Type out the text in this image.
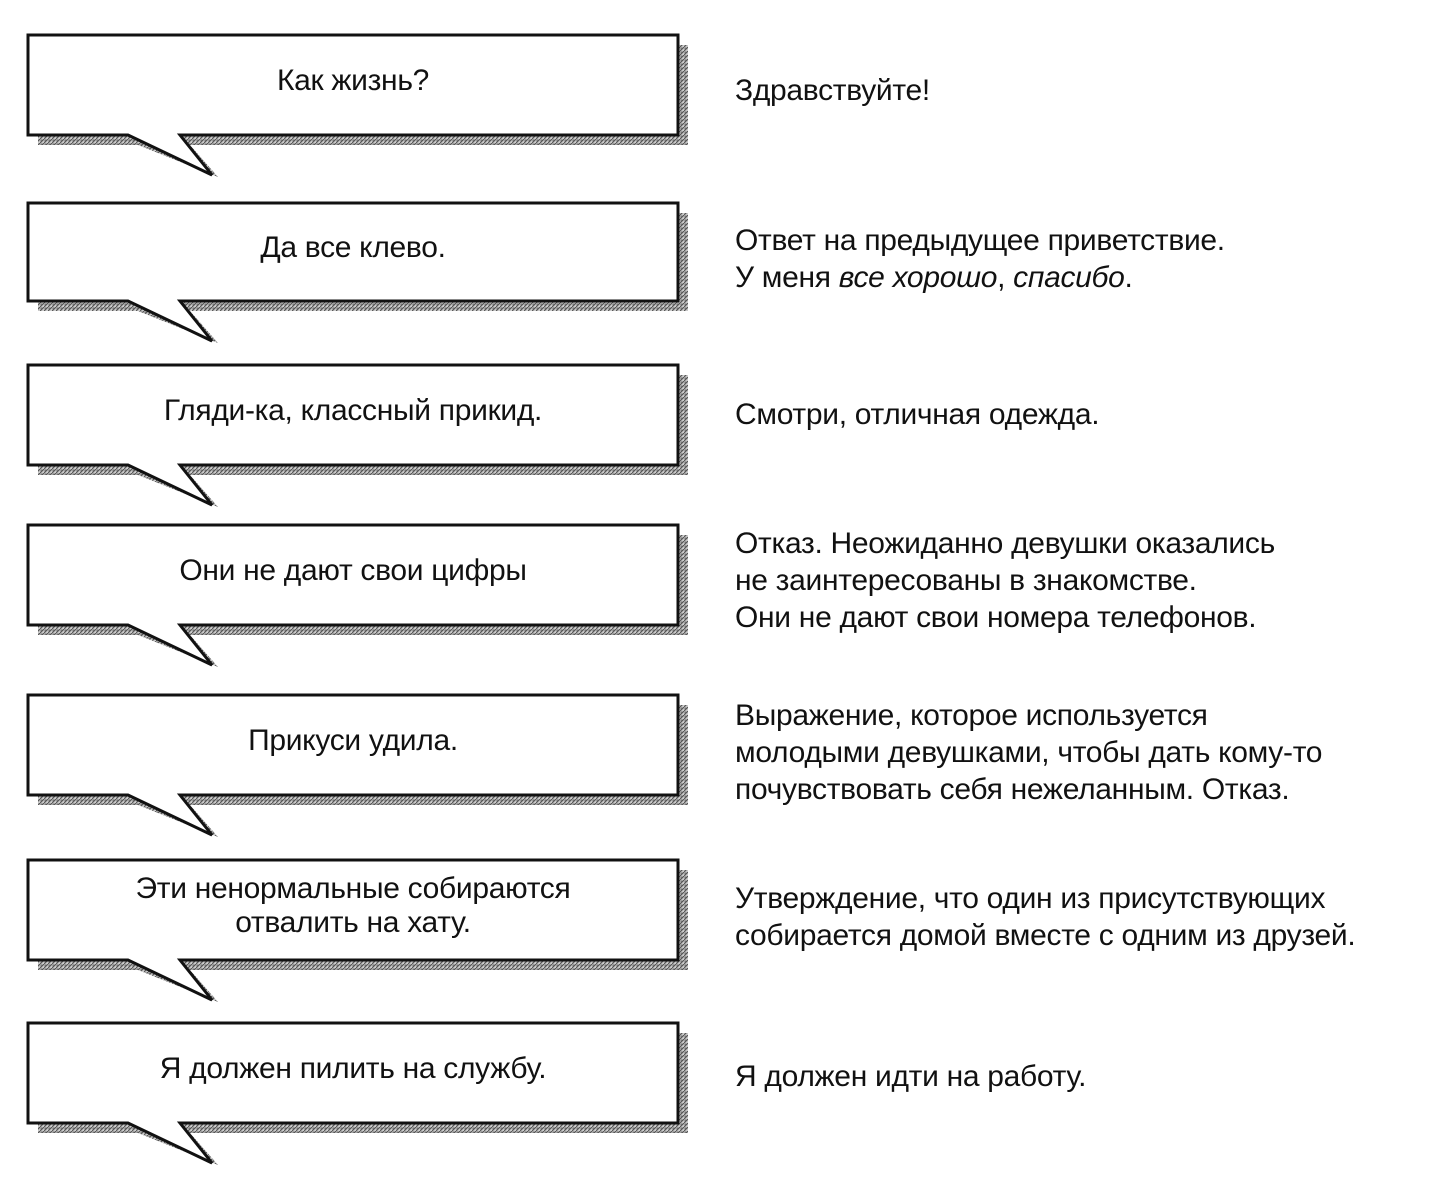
Как жизнь?
Да все клево.
Гляди-ка, классный прикид.
Они не дают свои цифры
Прикуси удила.
Эти ненормальные собираются
отвалить на хату.
Я должен пилить на службу.
Здравствуйте!
Ответ на предыдущее приветствие.
У меня все хорошо, спасибо.
Смотри, отличная одежда.
Отказ. Неожиданно девушки оказались
не заинтересованы в знакомстве.
Они не дают свои номера телефонов.
Выражение, которое используется
молодыми девушками, чтобы дать кому-то
почувствовать себя нежеланным. Отказ.
Утверждение, что один из присутствующих
собирается домой вместе с одним из друзей.
Я должен идти на работу.
